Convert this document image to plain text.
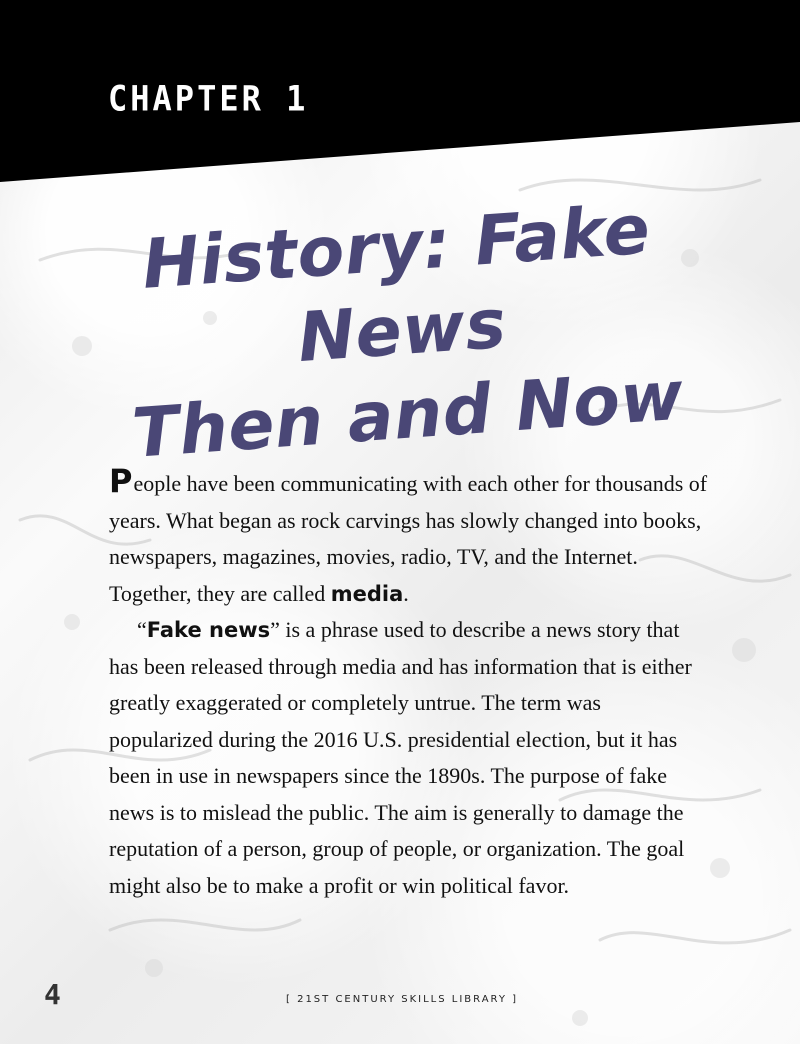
CHAPTER 1
History: Fake News
Then and Now

People have been communicating with each other for thousands of years. What began as rock carvings has slowly changed into books, newspapers, magazines, movies, radio, TV, and the Internet. Together, they are called media.

“Fake news” is a phrase used to describe a news story that has been released through media and has information that is either greatly exaggerated or completely untrue. The term was popularized during the 2016 U.S. presidential election, but it has been in use in newspapers since the 1890s. The purpose of fake news is to mislead the public. The aim is generally to damage the reputation of a person, group of people, or organization. The goal might also be to make a profit or win political favor.

4	[ 21ST CENTURY SKILLS LIBRARY ]
